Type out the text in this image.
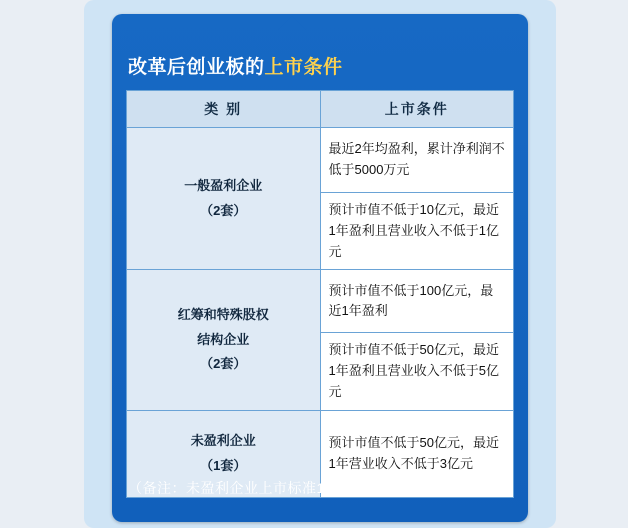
改革后创业板的上市条件
类 别	上市条件

一般盈利企业
（2套）	最近2年均盈利，累计净利润不低于5000万元
	预计市值不低于10亿元，最近1年盈利且营业收入不低于1亿元

红筹和特殊股权
结构企业
（2套）	预计市值不低于100亿元，最近1年盈利
	预计市值不低于50亿元，最近1年盈利且营业收入不低于5亿元

未盈利企业
（1套）	预计市值不低于50亿元，最近1年营业收入不低于3亿元
（备注：未盈利企业上市标准1年内暂不实施）
